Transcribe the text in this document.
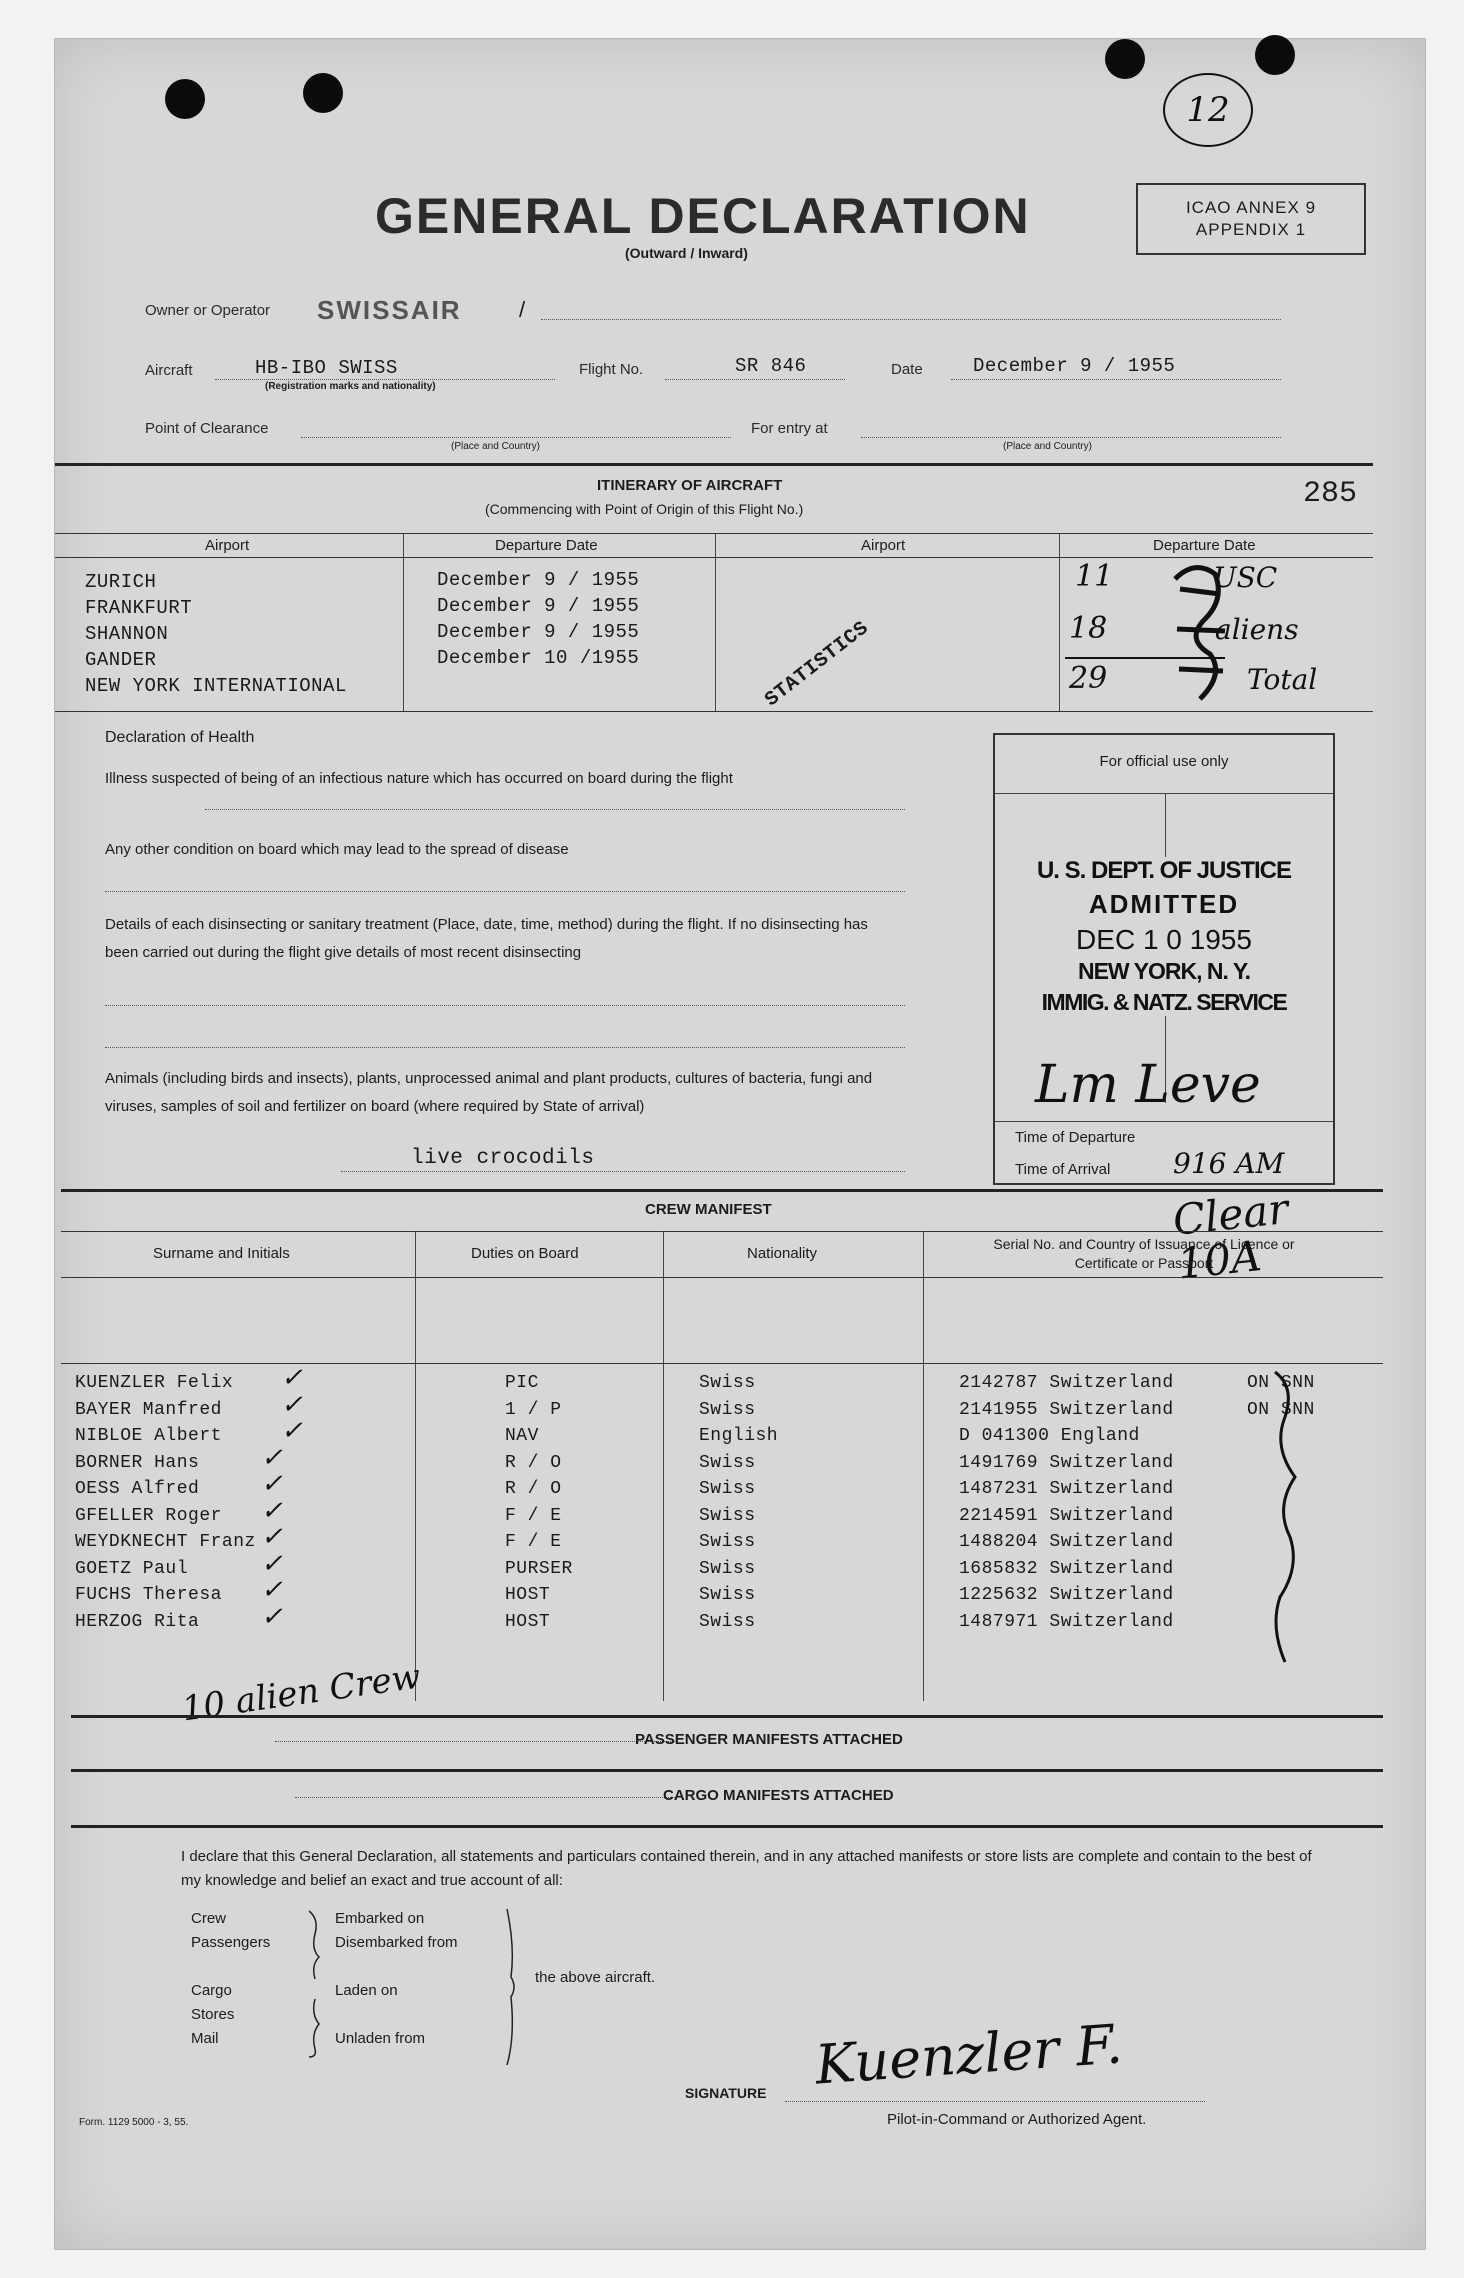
12
GENERAL DECLARATION
(Outward / Inward)
ICAO ANNEX 9
APPENDIX 1
Owner or Operator SWISSAIR	/
Aircraft	HB-IBO SWISS
(Registration marks and nationality)
Flight No.	SR 846	Date	December 9 / 1955
Point of Clearance
(Place and Country)
For entry at
(Place and Country)
ITINERARY OF AIRCRAFT
(Commencing with Point of Origin of this Flight No.)	285
Airport	Departure Date	Airport	Departure Date
ZURICH	December 9 / 1955
FRANKFURT	December 9 / 1955
SHANNON	December 9 / 1955
GANDER	December 10 /1955
NEW YORK INTERNATIONAL	STATISTICS
11	USC
18	aliens
29	Total
Declaration of Health
Illness suspected of being of an infectious nature which has occurred on board during the flight
Any other condition on board which may lead to the spread of disease
Details of each disinsecting or sanitary treatment (Place, date, time, method) during the flight. If no disinsecting has been carried out during the flight give details of most recent disinsecting
Animals (including birds and insects), plants, unprocessed animal and plant products, cultures of bacteria, fungi and viruses, samples of soil and fertilizer on board (where required by State of arrival)
live crocodils
For official use only
U. S. DEPT. OF JUSTICE
ADMITTED
DEC 1 0 1955
NEW YORK, N. Y.
IMMIG. & NATZ. SERVICE
Lm Leve
Time of Departure
Time of Arrival 916 AM
CREW MANIFEST	Clear 10A
Surname and Initials	Duties on Board	Nationality
Serial No. and Country of Issuance of Licence or Certificate or Passport
KUENZLER Felix	PIC	Swiss	2142787 Switzerland	ON SNN
✓
BAYER Manfred	1 / P	Swiss	2141955 Switzerland	ON SNN
✓
NIBLOE Albert	NAV	English	D 041300 England
✓
BORNER Hans	R / O	Swiss	1491769 Switzerland
✓
OESS Alfred	R / O	Swiss	1487231 Switzerland
✓
GFELLER Roger	F / E	Swiss	2214591 Switzerland
✓
WEYDKNECHT Franz	F / E	Swiss	1488204 Switzerland
✓
GOETZ Paul	PURSER	Swiss	1685832 Switzerland
✓
FUCHS Theresa	HOST	Swiss	1225632 Switzerland
✓
HERZOG Rita	HOST	Swiss	1487971 Switzerland
✓
10 alien Crew
PASSENGER MANIFESTS ATTACHED
CARGO MANIFESTS ATTACHED
I declare that this General Declaration, all statements and particulars contained therein, and in any attached manifests or store lists are complete and contain to the best of my knowledge and belief an exact and true account of all:
Crew
Passengers
Cargo
Stores
Mail
Embarked on
Disembarked from
Laden on
Unladen from
the above aircraft.
SIGNATURE Kuenzler F.
Pilot-in-Command or Authorized Agent.
Form. 1129 5000 - 3, 55.
